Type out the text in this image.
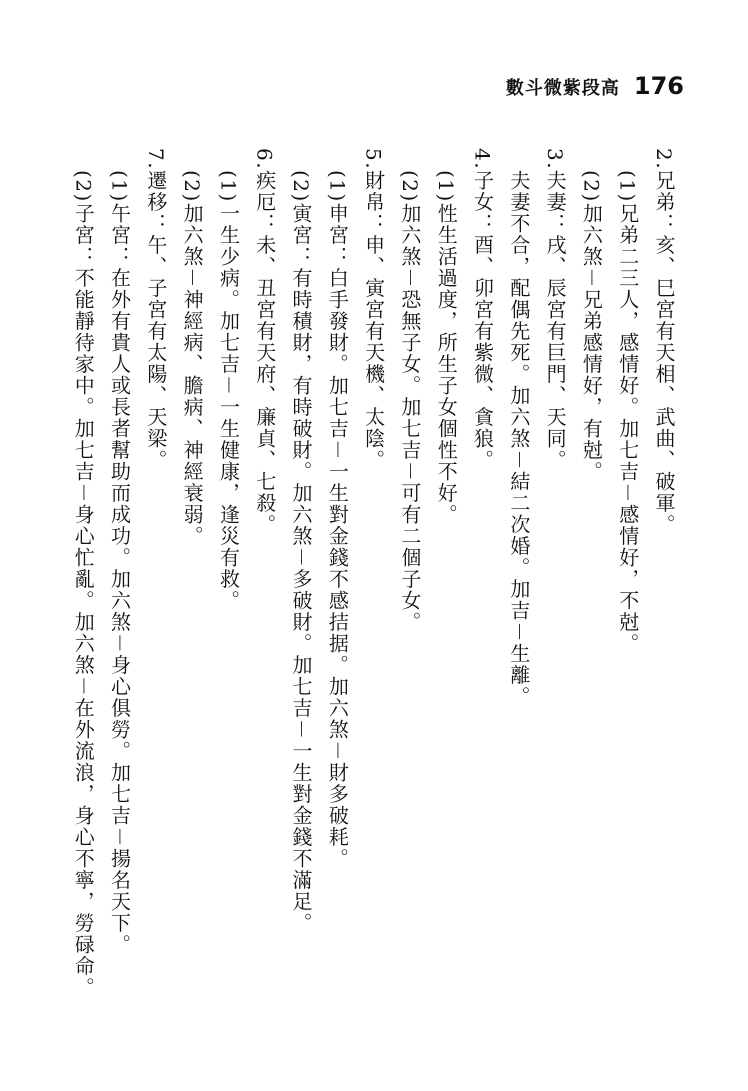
數斗微紫段高 176
2.兄弟：亥、巳宮有天相、武曲、破軍。
(1)兄弟二三人，感情好。加七吉－感情好，不尅。
(2)加六煞－兄弟感情好，有尅。
3.夫妻：戌、辰宮有巨門、天同。
夫妻不合，配偶先死。加六煞－結二次婚。加吉－生離。
4.子女：酉、卯宮有紫微、貪狼。
(1)性生活過度，所生子女個性不好。
(2)加六煞－恐無子女。加七吉－可有二個子女。
5.財帛：申、寅宮有天機、太陰。
(1)申宮：白手發財。加七吉－一生對金錢不感拮据。加六煞－財多破耗。
(2)寅宮：有時積財，有時破財。加六煞－多破財。加七吉－一生對金錢不滿足。
6.疾厄：未、丑宮有天府、廉貞、七殺。
(1)一生少病。加七吉－一生健康，逢災有救。
(2)加六煞－神經病、膽病、神經衰弱。
7.遷移：午、子宮有太陽、天梁。
(1)午宮：在外有貴人或長者幫助而成功。加六煞－身心俱勞。加七吉－揚名天下。
(2)子宮：不能靜待家中。加七吉－身心忙亂。加六煞－在外流浪，身心不寧，勞碌命。
